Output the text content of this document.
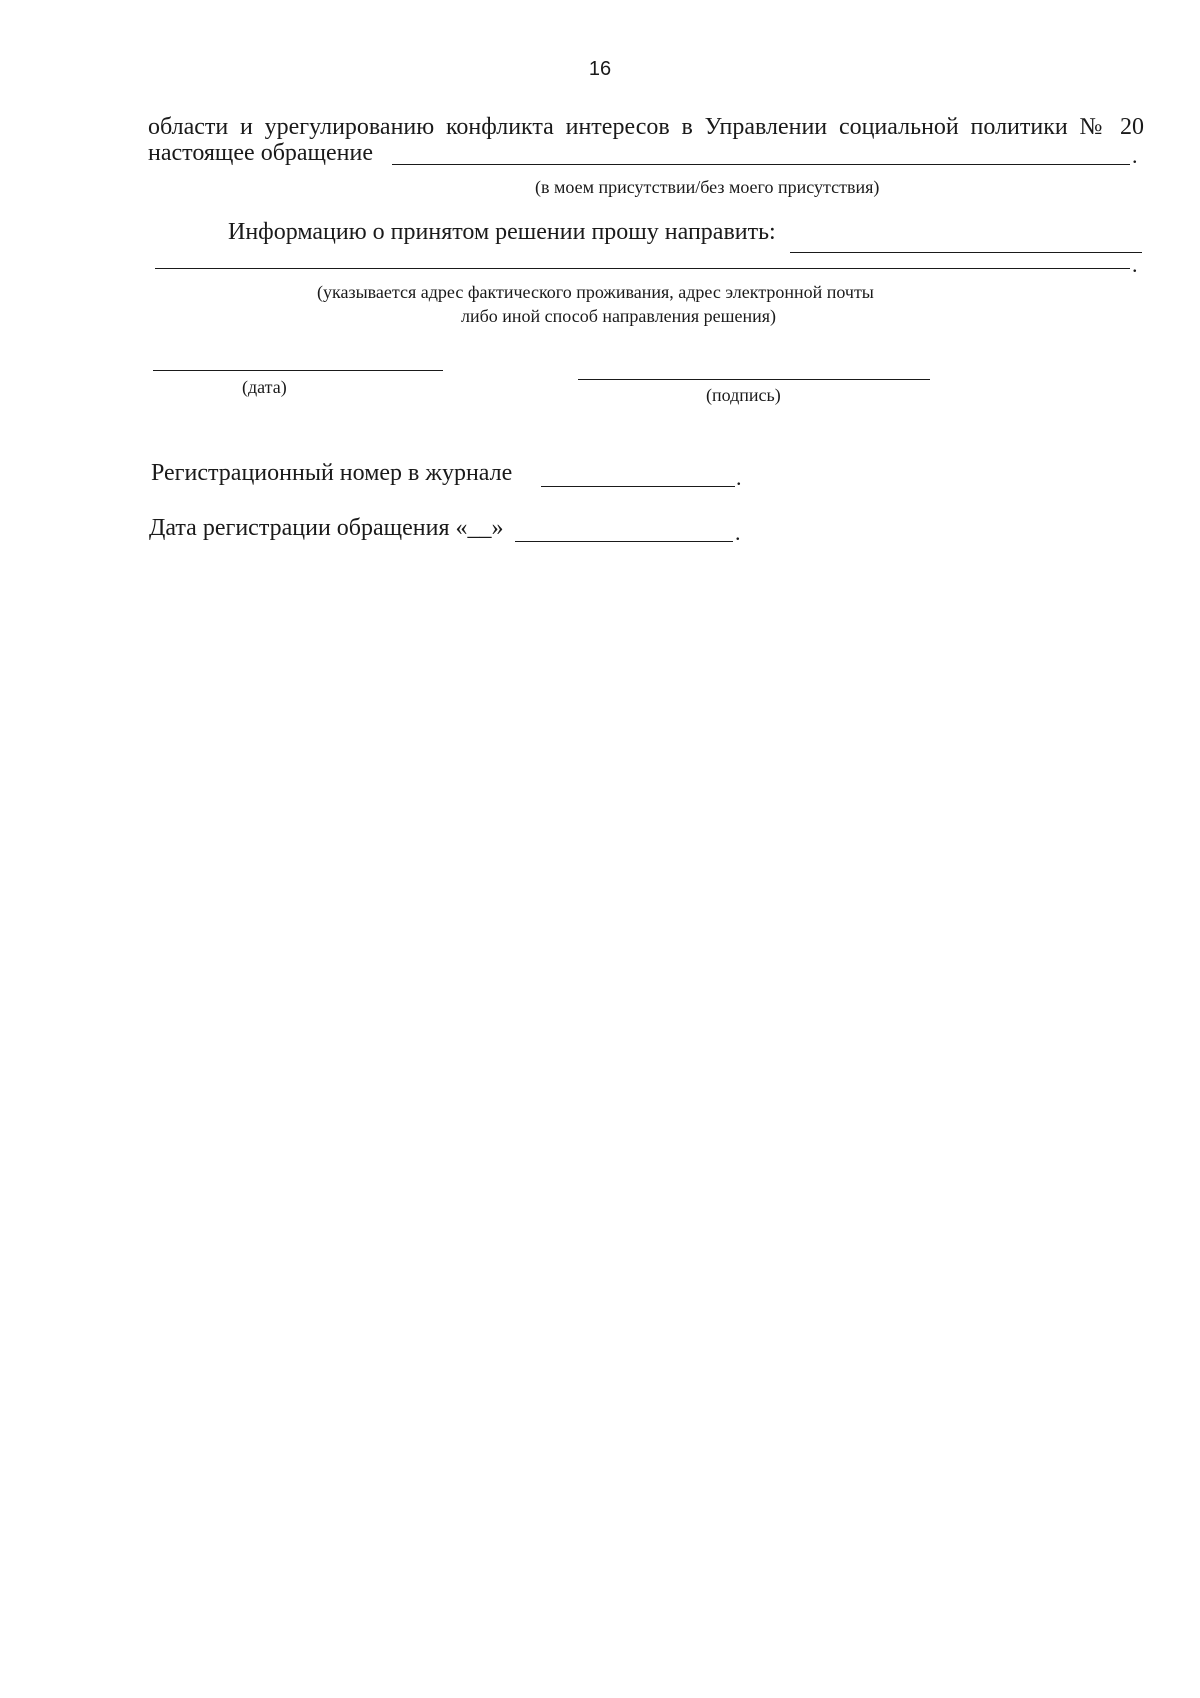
16
области и урегулированию конфликта интересов в Управлении социальной политики № 20
настоящее обращение	.
(в моем присутствии/без моего присутствия)
Информацию о принятом решении прошу направить:
.
(указывается адрес фактического проживания, адрес электронной почты
либо иной способ направления решения)
(дата)	(подпись)
Регистрационный номер в журнале	.
Дата регистрации обращения «__»	.
